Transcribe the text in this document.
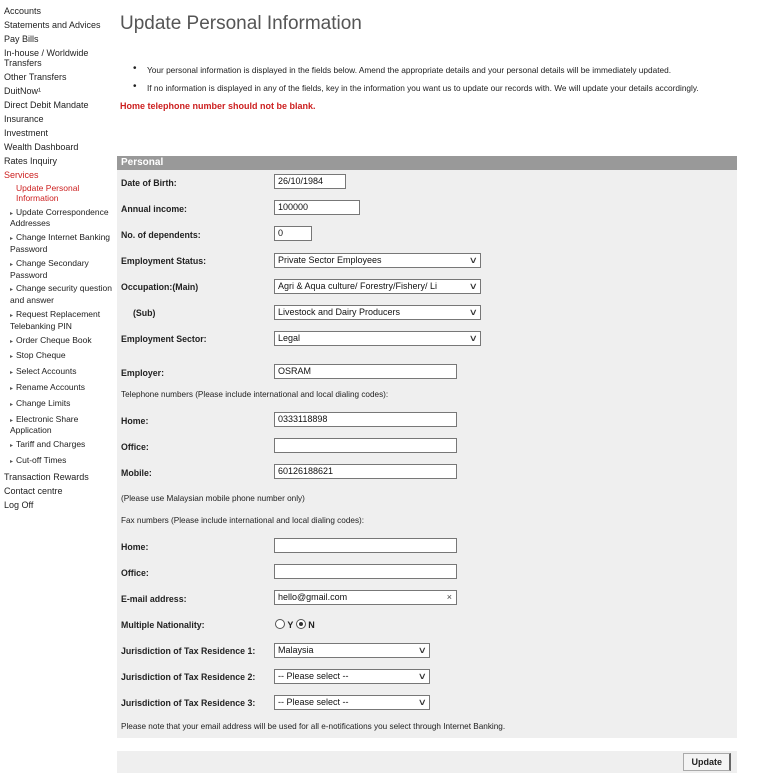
Accounts
Statements and Advices
Pay Bills
In-house / Worldwide Transfers
Other Transfers
DuitNow¹
Direct Debit Mandate
Insurance
Investment
Wealth Dashboard
Rates Inquiry
Services
Update Personal Information
▸ Update Correspondence Addresses
▸ Change Internet Banking Password
▸ Change Secondary Password
▸ Change security question and answer
▸ Request Replacement Telebanking PIN
▸ Order Cheque Book
▸ Stop Cheque
▸ Select Accounts
▸ Rename Accounts
▸ Change Limits
▸ Electronic Share Application
▸ Tariff and Charges
▸ Cut-off Times
Transaction Rewards
Contact centre
Log Off
Update Personal Information
• Your personal information is displayed in the fields below. Amend the appropriate details and your personal details will be immediately updated.
• If no information is displayed in any of the fields, key in the information you want us to update our records with. We will update your details accordingly.
Home telephone number should not be blank.
Personal
Date of Birth:	26/10/1984
Annual income:	100000
No. of dependents:	0
Employment Status:	Private Sector Employees	∨
Occupation:(Main)	Agri & Aqua culture/ Forestry/Fishery/ Li	∨
(Sub)	Livestock and Dairy Producers	∨
Employment Sector:	Legal	∨
Employer:	OSRAM
Telephone numbers (Please include international and local dialing codes):
Home:	0333118898
Office:
Mobile:	60126188621
(Please use Malaysian mobile phone number only)
Fax numbers (Please include international and local dialing codes):
Home:
Office:
E-mail address:	hello@gmail.com	×
Multiple Nationality:	Y N
Jurisdiction of Tax Residence 1:	Malaysia	∨
Jurisdiction of Tax Residence 2:	-- Please select --	∨
Jurisdiction of Tax Residence 3:	-- Please select --	∨
Please note that your email address will be used for all e-notifications you select through Internet Banking.
Update
